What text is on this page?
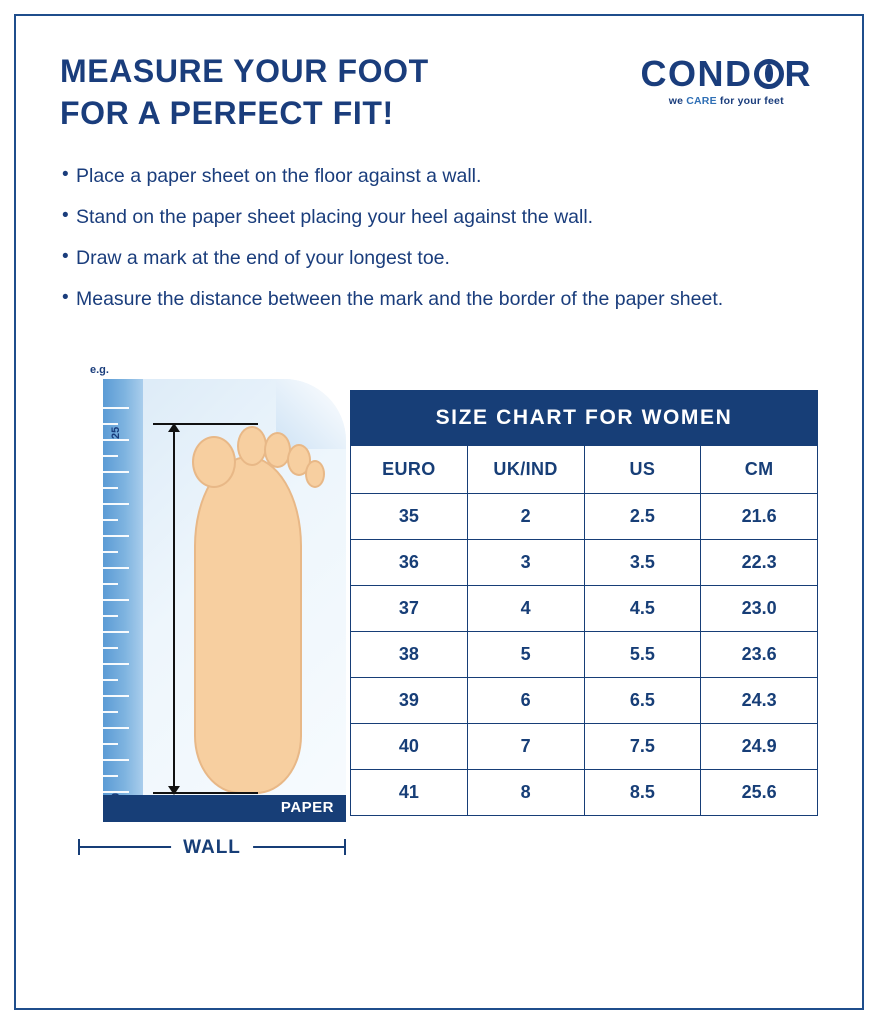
MEASURE YOUR FOOT
FOR A PERFECT FIT!
COND R
we CARE for your feet
• Place a paper sheet on the floor against a wall.
• Stand on the paper sheet placing your heel against the wall.
• Draw a mark at the end of your longest toe.
• Measure the distance between the mark and the border of the paper sheet.
e.g.
25
PAPER
WALL
SIZE CHART FOR WOMEN			
EURO	UK/IND	US	CM
35	2	2.5	21.6
36	3	3.5	22.3
37	4	4.5	23.0
38	5	5.5	23.6
39	6	6.5	24.3
40	7	7.5	24.9
41	8	8.5	25.6
